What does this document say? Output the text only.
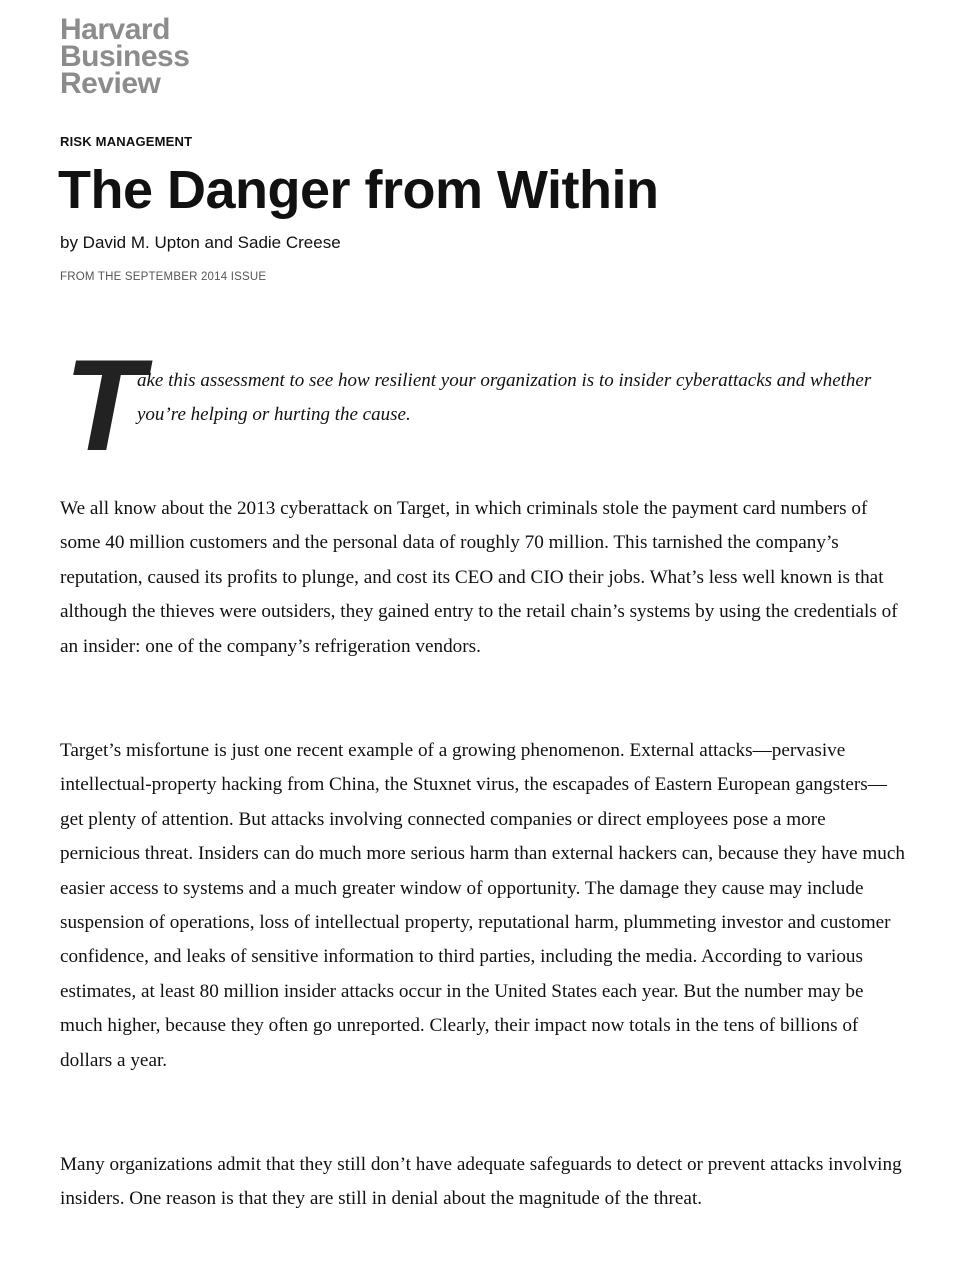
Harvard
Business
Review
RISK MANAGEMENT
The Danger from Within
by David M. Upton and Sadie Creese
FROM THE SEPTEMBER 2014 ISSUE
T

ake this assessment to see how resilient your organization is to insider cyberattacks and whether you’re helping or hurting the cause.

We all know about the 2013 cyberattack on Target, in which criminals stole the payment card numbers of some 40 million customers and the personal data of roughly 70 million. This tarnished the company’s reputation, caused its profits to plunge, and cost its CEO and CIO their jobs. What’s less well known is that although the thieves were outsiders, they gained entry to the retail chain’s systems by using the credentials of an insider: one of the company’s refrigeration vendors.

Target’s misfortune is just one recent example of a growing phenomenon. External attacks—pervasive intellectual-property hacking from China, the Stuxnet virus, the escapades of Eastern European gangsters—get plenty of attention. But attacks involving connected companies or direct employees pose a more pernicious threat. Insiders can do much more serious harm than external hackers can, because they have much easier access to systems and a much greater window of opportunity. The damage they cause may include suspension of operations, loss of intellectual property, reputational harm, plummeting investor and customer confidence, and leaks of sensitive information to third parties, including the media. According to various estimates, at least 80 million insider attacks occur in the United States each year. But the number may be much higher, because they often go unreported. Clearly, their impact now totals in the tens of billions of dollars a year.

Many organizations admit that they still don’t have adequate safeguards to detect or prevent attacks involving insiders. One reason is that they are still in denial about the magnitude of the threat.
